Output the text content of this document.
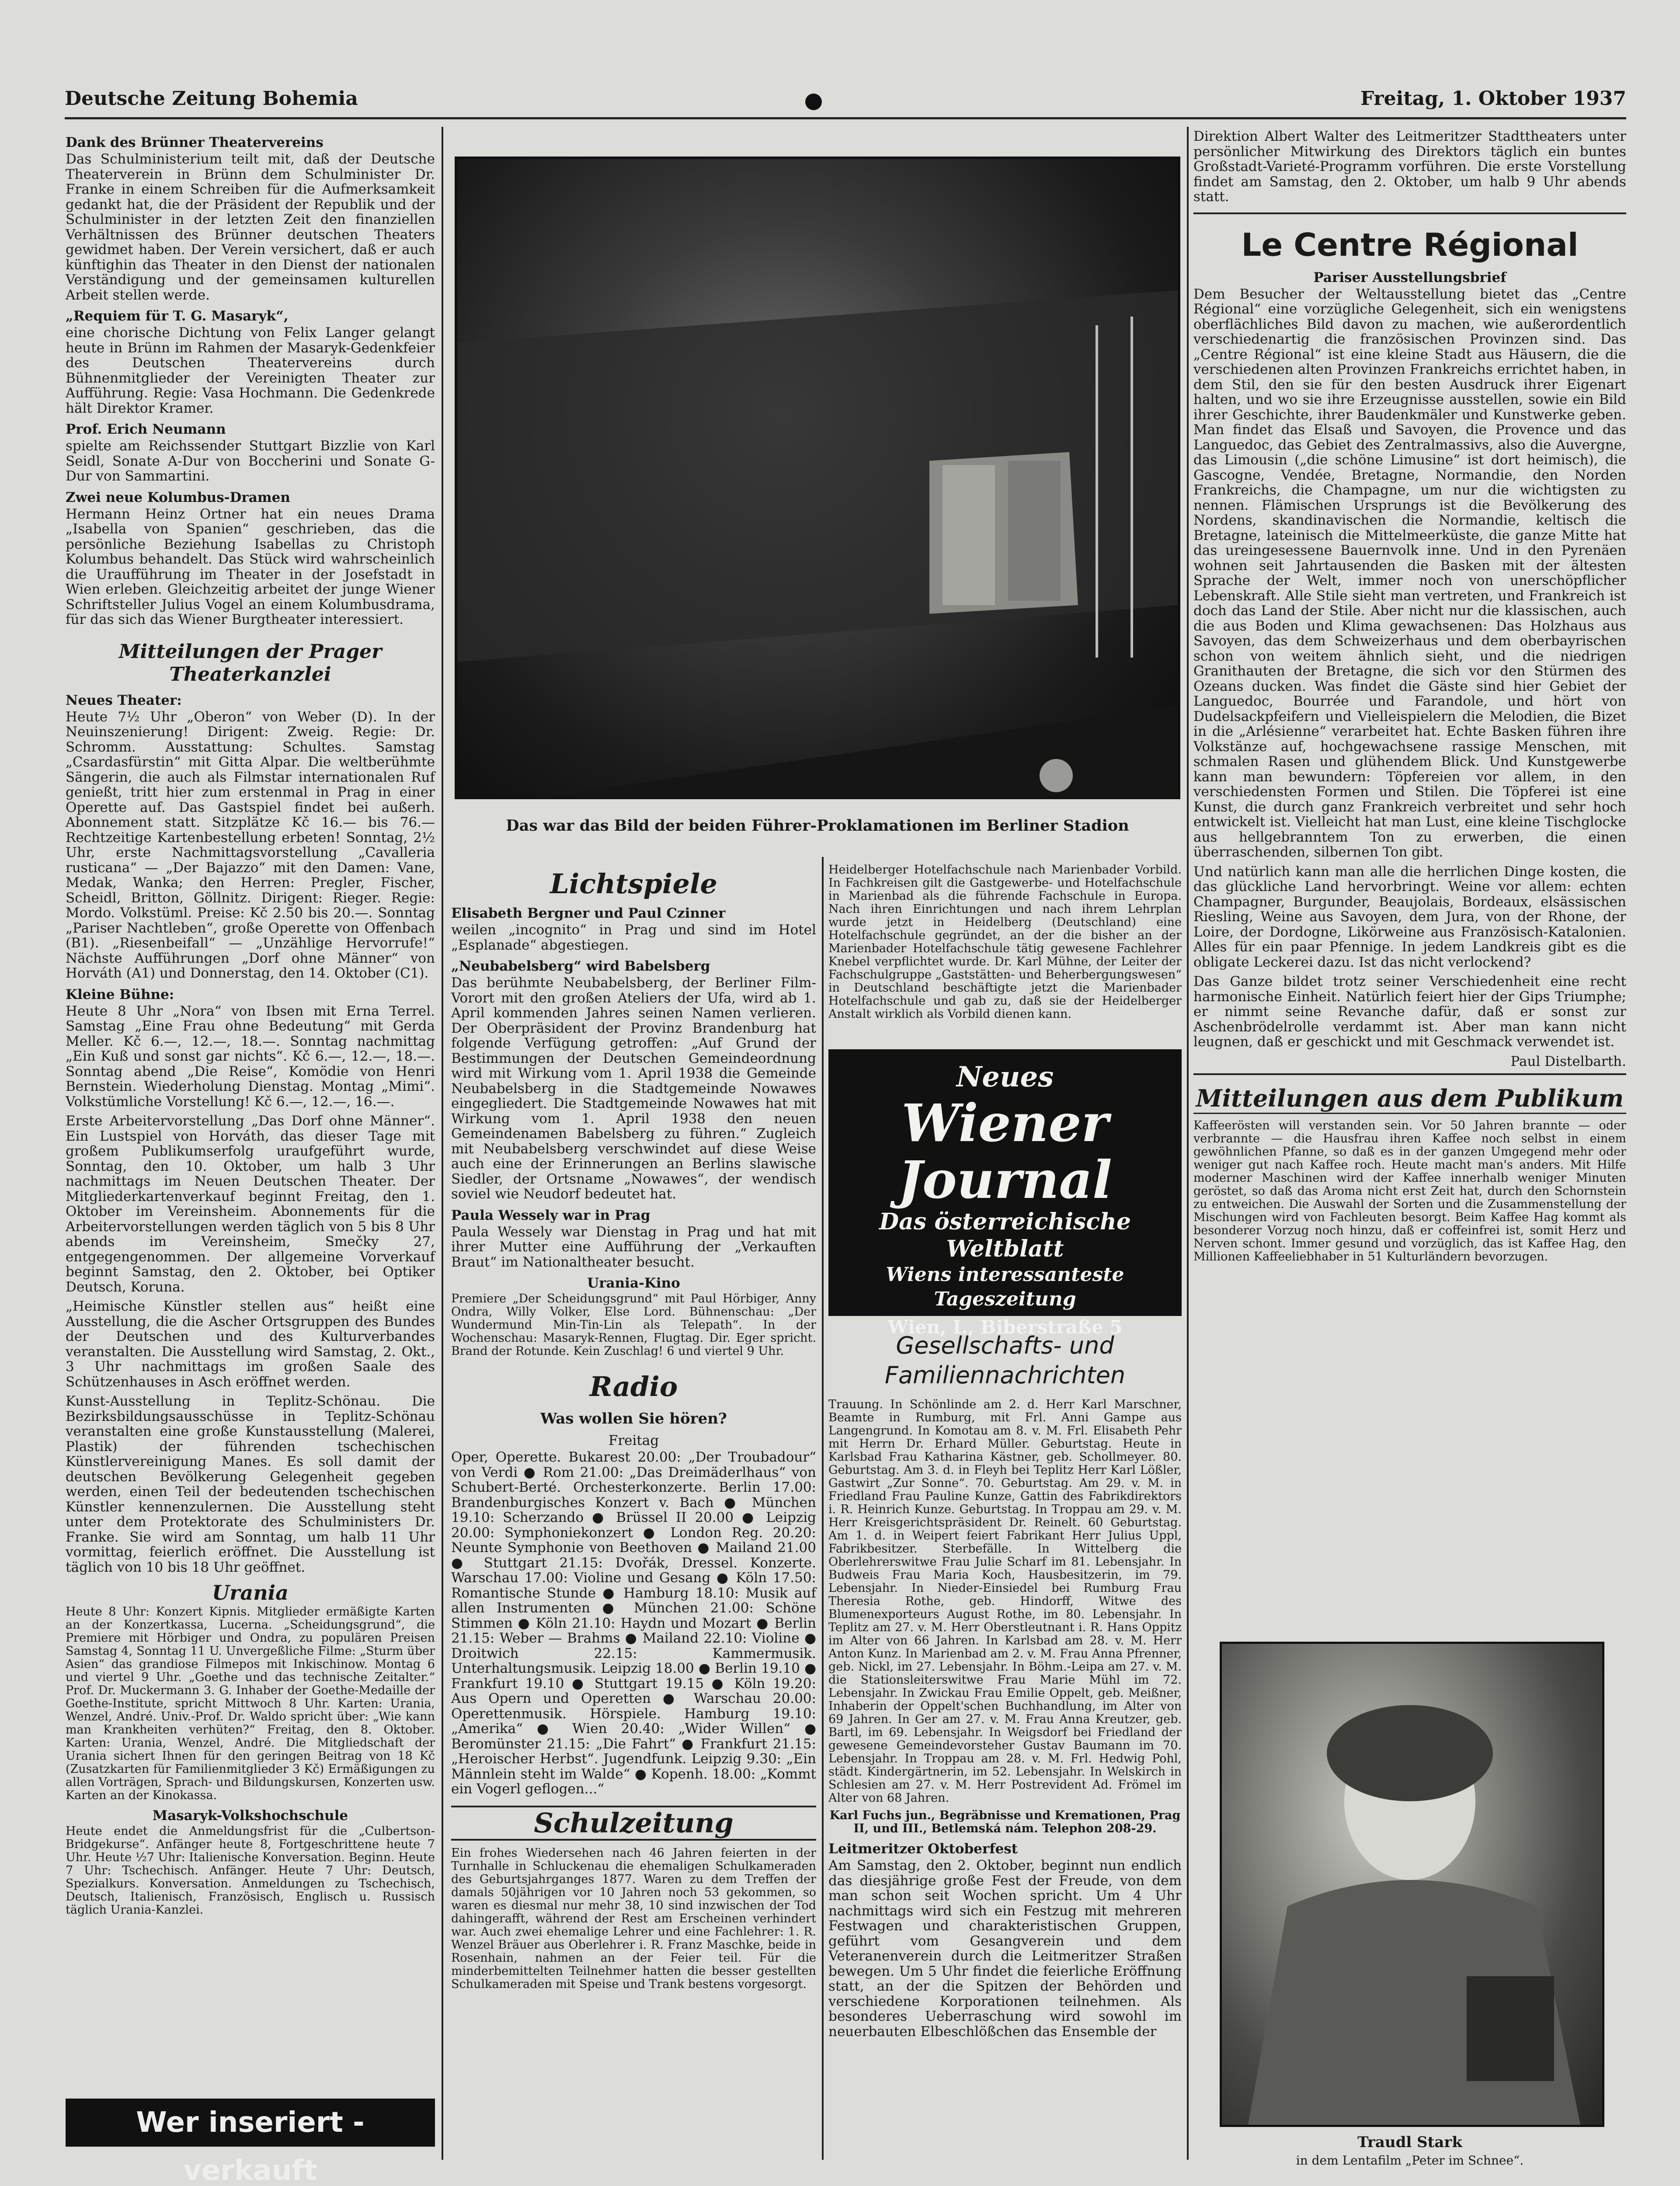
Deutsche Zeitung Bohemia	Freitag, 1. Oktober 1937
Dank des Brünner Theatervereins

Das Schulministerium teilt mit, daß der Deutsche Theaterverein in Brünn dem Schulminister Dr. Franke in einem Schreiben für die Aufmerksamkeit gedankt hat, die der Präsident der Republik und der Schulminister in der letzten Zeit den finanziellen Verhältnissen des Brünner deutschen Theaters gewidmet haben. Der Verein versichert, daß er auch künftighin das Theater in den Dienst der nationalen Verständigung und der gemeinsamen kulturellen Arbeit stellen werde.

„Requiem für T. G. Masaryk“,

eine chorische Dichtung von Felix Langer gelangt heute in Brünn im Rahmen der Masaryk-Gedenkfeier des Deutschen Theatervereins durch Bühnenmitglieder der Vereinigten Theater zur Aufführung. Regie: Vasa Hochmann. Die Gedenkrede hält Direktor Kramer.

Prof. Erich Neumann

spielte am Reichssender Stuttgart Bizzlie von Karl Seidl, Sonate A-Dur von Boccherini und Sonate G-Dur von Sammartini.

Zwei neue Kolumbus-Dramen

Hermann Heinz Ortner hat ein neues Drama „Isabella von Spanien“ geschrieben, das die persönliche Beziehung Isabellas zu Christoph Kolumbus behandelt. Das Stück wird wahrscheinlich die Uraufführung im Theater in der Josefstadt in Wien erleben. Gleichzeitig arbeitet der junge Wiener Schriftsteller Julius Vogel an einem Kolumbusdrama, für das sich das Wiener Burgtheater interessiert.

Mitteilungen der Prager Theaterkanzlei
Neues Theater:

Heute 7½ Uhr „Oberon“ von Weber (D). In der Neuinszenierung! Dirigent: Zweig. Regie: Dr. Schromm. Ausstattung: Schultes. Samstag „Csardasfürstin“ mit Gitta Alpar. Die weltberühmte Sängerin, die auch als Filmstar internationalen Ruf genießt, tritt hier zum erstenmal in Prag in einer Operette auf. Das Gastspiel findet bei außerh. Abonnement statt. Sitzplätze Kč 16.— bis 76.— Rechtzeitige Kartenbestellung erbeten! Sonntag, 2½ Uhr, erste Nachmittagsvorstellung „Cavalleria rusticana“ — „Der Bajazzo“ mit den Damen: Vane, Medak, Wanka; den Herren: Pregler, Fischer, Scheidl, Britton, Göllnitz. Dirigent: Rieger. Regie: Mordo. Volkstüml. Preise: Kč 2.50 bis 20.—. Sonntag „Pariser Nachtleben“, große Operette von Offenbach (B1). „Riesenbeifall“ — „Unzählige Hervorrufe!“ Nächste Aufführungen „Dorf ohne Männer“ von Horváth (A1) und Donnerstag, den 14. Oktober (C1).

Kleine Bühne:

Heute 8 Uhr „Nora“ von Ibsen mit Erna Terrel. Samstag „Eine Frau ohne Bedeutung“ mit Gerda Meller. Kč 6.—, 12.—, 18.—. Sonntag nachmittag „Ein Kuß und sonst gar nichts“. Kč 6.—, 12.—, 18.—. Sonntag abend „Die Reise“, Komödie von Henri Bernstein. Wiederholung Dienstag. Montag „Mimi“. Volkstümliche Vorstellung! Kč 6.—, 12.—, 16.—.

Erste Arbeitervorstellung „Das Dorf ohne Männer“. Ein Lustspiel von Horváth, das dieser Tage mit großem Publikumserfolg uraufgeführt wurde, Sonntag, den 10. Oktober, um halb 3 Uhr nachmittags im Neuen Deutschen Theater. Der Mitgliederkartenverkauf beginnt Freitag, den 1. Oktober im Vereinsheim. Abonnements für die Arbeitervorstellungen werden täglich von 5 bis 8 Uhr abends im Vereinsheim, Smečky 27, entgegengenommen. Der allgemeine Vorverkauf beginnt Samstag, den 2. Oktober, bei Optiker Deutsch, Koruna.

„Heimische Künstler stellen aus“ heißt eine Ausstellung, die die Ascher Ortsgruppen des Bundes der Deutschen und des Kulturverbandes veranstalten. Die Ausstellung wird Samstag, 2. Okt., 3 Uhr nachmittags im großen Saale des Schützenhauses in Asch eröffnet werden.

Kunst-Ausstellung in Teplitz-Schönau. Die Bezirksbildungsausschüsse in Teplitz-Schönau veranstalten eine große Kunstausstellung (Malerei, Plastik) der führenden tschechischen Künstlervereinigung Manes. Es soll damit der deutschen Bevölkerung Gelegenheit gegeben werden, einen Teil der bedeutenden tschechischen Künstler kennenzulernen. Die Ausstellung steht unter dem Protektorate des Schulministers Dr. Franke. Sie wird am Sonntag, um halb 11 Uhr vormittag, feierlich eröffnet. Die Ausstellung ist täglich von 10 bis 18 Uhr geöffnet.

Urania

Heute 8 Uhr: Konzert Kipnis. Mitglieder ermäßigte Karten an der Konzertkassa, Lucerna. „Scheidungsgrund“, die Premiere mit Hörbiger und Ondra, zu populären Preisen Samstag 4, Sonntag 11 U. Unvergeßliche Filme: „Sturm über Asien“ das grandiose Filmepos mit Inkischinow. Montag 6 und viertel 9 Uhr. „Goethe und das technische Zeitalter.“ Prof. Dr. Muckermann 3. G. Inhaber der Goethe-Medaille der Goethe-Institute, spricht Mittwoch 8 Uhr. Karten: Urania, Wenzel, André. Univ.-Prof. Dr. Waldo spricht über: „Wie kann man Krankheiten verhüten?“ Freitag, den 8. Oktober. Karten: Urania, Wenzel, André. Die Mitgliedschaft der Urania sichert Ihnen für den geringen Beitrag von 18 Kč (Zusatzkarten für Familienmitglieder 3 Kč) Ermäßigungen zu allen Vorträgen, Sprach- und Bildungskursen, Konzerten usw. Karten an der Kinokassa.

Masaryk-Volkshochschule

Heute endet die Anmeldungsfrist für die „Culbertson-Bridgekurse“. Anfänger heute 8, Fortgeschrittene heute 7 Uhr. Heute ½7 Uhr: Italienische Konversation. Beginn. Heute 7 Uhr: Tschechisch. Anfänger. Heute 7 Uhr: Deutsch, Spezialkurs. Konversation. Anmeldungen zu Tschechisch, Deutsch, Italienisch, Französisch, Englisch u. Russisch täglich Urania-Kanzlei.

Wer inseriert - verkauft
Das war das Bild der beiden Führer-Proklamationen im Berliner Stadion
Lichtspiele
Elisabeth Bergner und Paul Czinner

weilen „incognito“ in Prag und sind im Hotel „Esplanade“ abgestiegen.

„Neubabelsberg“ wird Babelsberg

Das berühmte Neubabelsberg, der Berliner Film-Vorort mit den großen Ateliers der Ufa, wird ab 1. April kommenden Jahres seinen Namen verlieren. Der Oberpräsident der Provinz Brandenburg hat folgende Verfügung getroffen: „Auf Grund der Bestimmungen der Deutschen Gemeindeordnung wird mit Wirkung vom 1. April 1938 die Gemeinde Neubabelsberg in die Stadtgemeinde Nowawes eingegliedert. Die Stadtgemeinde Nowawes hat mit Wirkung vom 1. April 1938 den neuen Gemeindenamen Babelsberg zu führen.“ Zugleich mit Neubabelsberg verschwindet auf diese Weise auch eine der Erinnerungen an Berlins slawische Siedler, der Ortsname „Nowawes“, der wendisch soviel wie Neudorf bedeutet hat.

Paula Wessely war in Prag

Paula Wessely war Dienstag in Prag und hat mit ihrer Mutter eine Aufführung der „Verkauften Braut“ im Nationaltheater besucht.

Urania-Kino

Premiere „Der Scheidungsgrund“ mit Paul Hörbiger, Anny Ondra, Willy Volker, Else Lord. Bühnenschau: „Der Wundermund Min-Tin-Lin als Telepath“. In der Wochenschau: Masaryk-Rennen, Flugtag. Dir. Eger spricht. Brand der Rotunde. Kein Zuschlag! 6 und viertel 9 Uhr.

Radio
Was wollen Sie hören?
Freitag

Oper, Operette. Bukarest 20.00: „Der Troubadour“ von Verdi ● Rom 21.00: „Das Dreimäderlhaus“ von Schubert-Berté. Orchesterkonzerte. Berlin 17.00: Brandenburgisches Konzert v. Bach ● München 19.10: Scherzando ● Brüssel II 20.00 ● Leipzig 20.00: Symphoniekonzert ● London Reg. 20.20: Neunte Symphonie von Beethoven ● Mailand 21.00 ● Stuttgart 21.15: Dvořák, Dressel. Konzerte. Warschau 17.00: Violine und Gesang ● Köln 17.50: Romantische Stunde ● Hamburg 18.10: Musik auf allen Instrumenten ● München 21.00: Schöne Stimmen ● Köln 21.10: Haydn und Mozart ● Berlin 21.15: Weber — Brahms ● Mailand 22.10: Violine ● Droitwich 22.15: Kammermusik. Unterhaltungsmusik. Leipzig 18.00 ● Berlin 19.10 ● Frankfurt 19.10 ● Stuttgart 19.15 ● Köln 19.20: Aus Opern und Operetten ● Warschau 20.00: Operettenmusik. Hörspiele. Hamburg 19.10: „Amerika“ ● Wien 20.40: „Wider Willen“ ● Beromünster 21.15: „Die Fahrt“ ● Frankfurt 21.15: „Heroischer Herbst“. Jugendfunk. Leipzig 9.30: „Ein Männlein steht im Walde“ ● Kopenh. 18.00: „Kommt ein Vogerl geflogen...“

Schulzeitung

Ein frohes Wiedersehen nach 46 Jahren feierten in der Turnhalle in Schluckenau die ehemaligen Schulkameraden des Geburtsjahrganges 1877. Waren zu dem Treffen der damals 50jährigen vor 10 Jahren noch 53 gekommen, so waren es diesmal nur mehr 38, 10 sind inzwischen der Tod dahingerafft, während der Rest am Erscheinen verhindert war. Auch zwei ehemalige Lehrer und eine Fachlehrer: 1. R. Wenzel Bräuer aus Oberlehrer i. R. Franz Maschke, beide in Rosenhain, nahmen an der Feier teil. Für die minderbemittelten Teilnehmer hatten die besser gestellten Schulkameraden mit Speise und Trank bestens vorgesorgt.

Heidelberger Hotelfachschule nach Marienbader Vorbild. In Fachkreisen gilt die Gastgewerbe- und Hotelfachschule in Marienbad als die führende Fachschule in Europa. Nach ihren Einrichtungen und nach ihrem Lehrplan wurde jetzt in Heidelberg (Deutschland) eine Hotelfachschule gegründet, an der die bisher an der Marienbader Hotelfachschule tätig gewesene Fachlehrer Knebel verpflichtet wurde. Dr. Karl Mühne, der Leiter der Fachschulgruppe „Gaststätten- und Beherbergungswesen“ in Deutschland beschäftigte jetzt die Marienbader Hotelfachschule und gab zu, daß sie der Heidelberger Anstalt wirklich als Vorbild dienen kann.

Neues
Wiener Journal
Das österreichische Weltblatt
Wiens interessanteste Tageszeitung
Wien, I., Biberstraße 5
Gesellschafts- und Familiennachrichten

Trauung. In Schönlinde am 2. d. Herr Karl Marschner, Beamte in Rumburg, mit Frl. Anni Gampe aus Langengrund. In Komotau am 8. v. M. Frl. Elisabeth Pehr mit Herrn Dr. Erhard Müller. Geburtstag. Heute in Karlsbad Frau Katharina Kästner, geb. Schollmeyer. 80. Geburtstag. Am 3. d. in Fleyh bei Teplitz Herr Karl Lößler, Gastwirt „Zur Sonne“. 70. Geburtstag. Am 29. v. M. in Friedland Frau Pauline Kunze, Gattin des Fabrikdirektors i. R. Heinrich Kunze. Geburtstag. In Troppau am 29. v. M. Herr Kreisgerichtspräsident Dr. Reinelt. 60 Geburtstag. Am 1. d. in Weipert feiert Fabrikant Herr Julius Uppl, Fabrikbesitzer. Sterbefälle. In Wittelberg die Oberlehrerswitwe Frau Julie Scharf im 81. Lebensjahr. In Budweis Frau Maria Koch, Hausbesitzerin, im 79. Lebensjahr. In Nieder-Einsiedel bei Rumburg Frau Theresia Rothe, geb. Hindorff, Witwe des Blumenexporteurs August Rothe, im 80. Lebensjahr. In Teplitz am 27. v. M. Herr Oberstleutnant i. R. Hans Oppitz im Alter von 66 Jahren. In Karlsbad am 28. v. M. Herr Anton Kunz. In Marienbad am 2. v. M. Frau Anna Pfrenner, geb. Nickl, im 27. Lebensjahr. In Böhm.-Leipa am 27. v. M. die Stationsleiterswitwe Frau Marie Mühl im 72. Lebensjahr. In Zwickau Frau Emilie Oppelt, geb. Meißner, Inhaberin der Oppelt'schen Buchhandlung, im Alter von 69 Jahren. In Ger am 27. v. M. Frau Anna Kreutzer, geb. Bartl, im 69. Lebensjahr. In Weigsdorf bei Friedland der gewesene Gemeindevorsteher Gustav Baumann im 70. Lebensjahr. In Troppau am 28. v. M. Frl. Hedwig Pohl, städt. Kindergärtnerin, im 52. Lebensjahr. In Welskirch in Schlesien am 27. v. M. Herr Postrevident Ad. Frömel im Alter von 68 Jahren.

Karl Fuchs jun., Begräbnisse und Kremationen, Prag II, und III., Betlemská nám. Telephon 208-29.

Leitmeritzer Oktoberfest

Am Samstag, den 2. Oktober, beginnt nun endlich das diesjährige große Fest der Freude, von dem man schon seit Wochen spricht. Um 4 Uhr nachmittags wird sich ein Festzug mit mehreren Festwagen und charakteristischen Gruppen, geführt vom Gesangverein und dem Veteranenverein durch die Leitmeritzer Straßen bewegen. Um 5 Uhr findet die feierliche Eröffnung statt, an der die Spitzen der Behörden und verschiedene Korporationen teilnehmen. Als besonderes Ueberraschung wird sowohl im neuerbauten Elbeschlößchen das Ensemble der

Direktion Albert Walter des Leitmeritzer Stadttheaters unter persönlicher Mitwirkung des Direktors täglich ein buntes Großstadt-Varieté-Programm vorführen. Die erste Vorstellung findet am Samstag, den 2. Oktober, um halb 9 Uhr abends statt.

Le Centre Régional
Pariser Ausstellungsbrief

Dem Besucher der Weltausstellung bietet das „Centre Régional“ eine vorzügliche Gelegenheit, sich ein wenigstens oberflächliches Bild davon zu machen, wie außerordentlich verschiedenartig die französischen Provinzen sind. Das „Centre Régional“ ist eine kleine Stadt aus Häusern, die die verschiedenen alten Provinzen Frankreichs errichtet haben, in dem Stil, den sie für den besten Ausdruck ihrer Eigenart halten, und wo sie ihre Erzeugnisse ausstellen, sowie ein Bild ihrer Geschichte, ihrer Baudenkmäler und Kunstwerke geben. Man findet das Elsaß und Savoyen, die Provence und das Languedoc, das Gebiet des Zentralmassivs, also die Auvergne, das Limousin („die schöne Limusine“ ist dort heimisch), die Gascogne, Vendée, Bretagne, Normandie, den Norden Frankreichs, die Champagne, um nur die wichtigsten zu nennen. Flämischen Ursprungs ist die Bevölkerung des Nordens, skandinavischen die Normandie, keltisch die Bretagne, lateinisch die Mittelmeerküste, die ganze Mitte hat das ureingesessene Bauernvolk inne. Und in den Pyrenäen wohnen seit Jahrtausenden die Basken mit der ältesten Sprache der Welt, immer noch von unerschöpflicher Lebenskraft. Alle Stile sieht man vertreten, und Frankreich ist doch das Land der Stile. Aber nicht nur die klassischen, auch die aus Boden und Klima gewachsenen: Das Holzhaus aus Savoyen, das dem Schweizerhaus und dem oberbayrischen schon von weitem ähnlich sieht, und die niedrigen Granithauten der Bretagne, die sich vor den Stürmen des Ozeans ducken. Was findet die Gäste sind hier Gebiet der Languedoc, Bourrée und Farandole, und hört von Dudelsackpfeifern und Vielleispielern die Melodien, die Bizet in die „Arlésienne“ verarbeitet hat. Echte Basken führen ihre Volkstänze auf, hochgewachsene rassige Menschen, mit schmalen Rasen und glühendem Blick. Und Kunstgewerbe kann man bewundern: Töpfereien vor allem, in den verschiedensten Formen und Stilen. Die Töpferei ist eine Kunst, die durch ganz Frankreich verbreitet und sehr hoch entwickelt ist. Vielleicht hat man Lust, eine kleine Tischglocke aus hellgebranntem Ton zu erwerben, die einen überraschenden, silbernen Ton gibt.

Und natürlich kann man alle die herrlichen Dinge kosten, die das glückliche Land hervorbringt. Weine vor allem: echten Champagner, Burgunder, Beaujolais, Bordeaux, elsässischen Riesling, Weine aus Savoyen, dem Jura, von der Rhone, der Loire, der Dordogne, Likörweine aus Französisch-Katalonien. Alles für ein paar Pfennige. In jedem Landkreis gibt es die obligate Leckerei dazu. Ist das nicht verlockend?

Das Ganze bildet trotz seiner Verschiedenheit eine recht harmonische Einheit. Natürlich feiert hier der Gips Triumphe; er nimmt seine Revanche dafür, daß er sonst zur Aschenbrödelrolle verdammt ist. Aber man kann nicht leugnen, daß er geschickt und mit Geschmack verwendet ist.

Paul Distelbarth.

Mitteilungen aus dem Publikum

Kaffeerösten will verstanden sein. Vor 50 Jahren brannte — oder verbrannte — die Hausfrau ihren Kaffee noch selbst in einem gewöhnlichen Pfanne, so daß es in der ganzen Umgegend mehr oder weniger gut nach Kaffee roch. Heute macht man's anders. Mit Hilfe moderner Maschinen wird der Kaffee innerhalb weniger Minuten geröstet, so daß das Aroma nicht erst Zeit hat, durch den Schornstein zu entweichen. Die Auswahl der Sorten und die Zusammenstellung der Mischungen wird von Fachleuten besorgt. Beim Kaffee Hag kommt als besonderer Vorzug noch hinzu, daß er coffeinfrei ist, somit Herz und Nerven schont. Immer gesund und vorzüglich, das ist Kaffee Hag, den Millionen Kaffeeliebhaber in 51 Kulturländern bevorzugen.

Traudl Stark
in dem Lentafilm „Peter im Schnee“.
